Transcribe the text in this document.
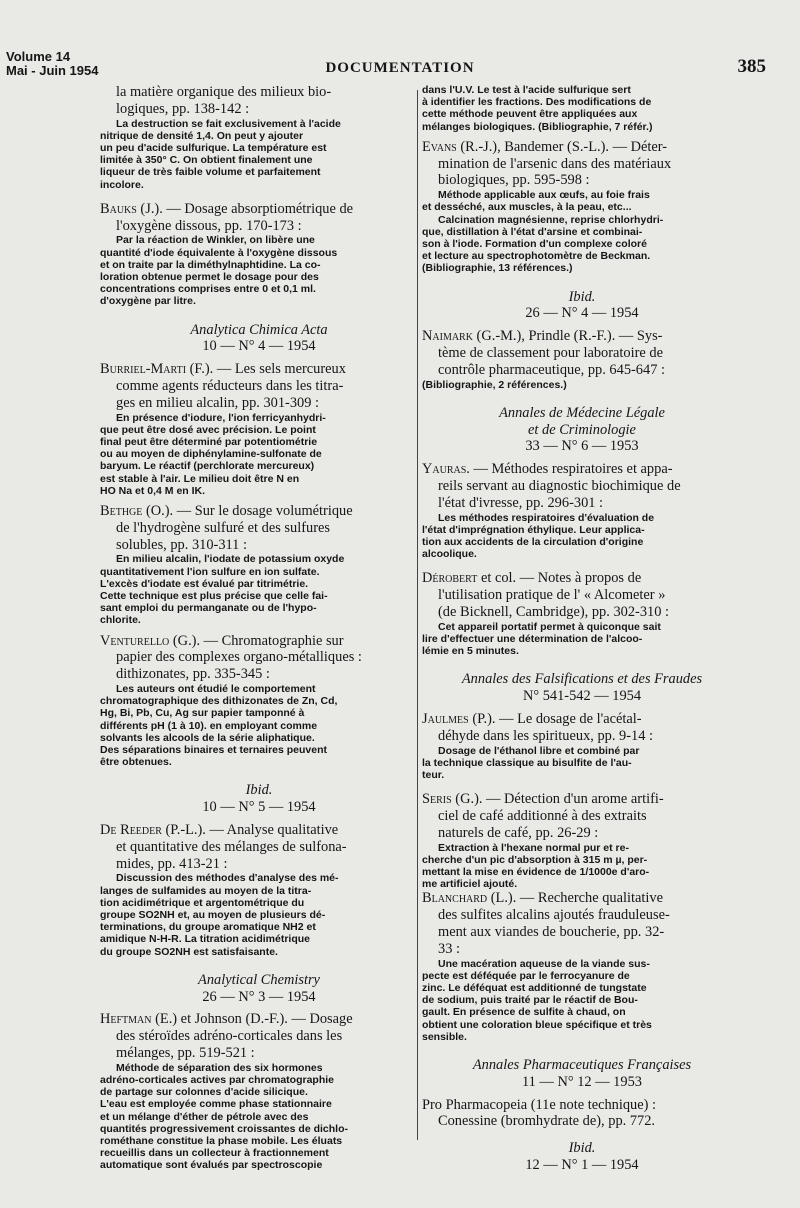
Volume 14
Mai - Juin 1954	DOCUMENTATION	385

la matière organique des milieux bio-

logiques, pp. 138-142 :

La destruction se fait exclusivement à l'acide

nitrique de densité 1,4. On peut y ajouter

un peu d'acide sulfurique. La température est

limitée à 350° C. On obtient finalement une

liqueur de très faible volume et parfaitement

incolore.

Bauks (J.). — Dosage absorptiométrique de

l'oxygène dissous, pp. 170-173 :

Par la réaction de Winkler, on libère une

quantité d'iode équivalente à l'oxygène dissous

et on traite par la diméthylnaphtidine. La co-

loration obtenue permet le dosage pour des

concentrations comprises entre 0 et 0,1 ml.

d'oxygène par litre.

Analytica Chimica Acta

10 — N° 4 — 1954

Burriel-Marti (F.). — Les sels mercureux

comme agents réducteurs dans les titra-

ges en milieu alcalin, pp. 301-309 :

En présence d'iodure, l'ion ferricyanhydri-

que peut être dosé avec précision. Le point

final peut être déterminé par potentiométrie

ou au moyen de diphénylamine-sulfonate de

baryum. Le réactif (perchlorate mercureux)

est stable à l'air. Le milieu doit être N en

HO Na et 0,4 M en IK.

Bethge (O.). — Sur le dosage volumétrique

de l'hydrogène sulfuré et des sulfures

solubles, pp. 310-311 :

En milieu alcalin, l'iodate de potassium oxyde

quantitativement l'ion sulfure en ion sulfate.

L'excès d'iodate est évalué par titrimétrie.

Cette technique est plus précise que celle fai-

sant emploi du permanganate ou de l'hypo-

chlorite.

Venturello (G.). — Chromatographie sur

papier des complexes organo-métalliques :

dithizonates, pp. 335-345 :

Les auteurs ont étudié le comportement

chromatographique des dithizonates de Zn, Cd,

Hg, Bi, Pb, Cu, Ag sur papier tamponné à

différents pH (1 à 10). en employant comme

solvants les alcools de la série aliphatique.

Des séparations binaires et ternaires peuvent

être obtenues.

Ibid.

10 — N° 5 — 1954

De Reeder (P.-L.). — Analyse qualitative

et quantitative des mélanges de sulfona-

mides, pp. 413-21 :

Discussion des méthodes d'analyse des mé-

langes de sulfamides au moyen de la titra-

tion acidimétrique et argentométrique du

groupe SO2NH et, au moyen de plusieurs dé-

terminations, du groupe aromatique NH2 et

amidique N-H-R. La titration acidimétrique

du groupe SO2NH est satisfaisante.

Analytical Chemistry

26 — N° 3 — 1954

Heftman (E.) et Johnson (D.-F.). — Dosage

des stéroïdes adréno-corticales dans les

mélanges, pp. 519-521 :

Méthode de séparation des six hormones

adréno-corticales actives par chromatographie

de partage sur colonnes d'acide silicique.

L'eau est employée comme phase stationnaire

et un mélange d'éther de pétrole avec des

quantités progressivement croissantes de dichlo-

rométhane constitue la phase mobile. Les éluats

recueillis dans un collecteur à fractionnement

automatique sont évalués par spectroscopie

dans l'U.V. Le test à l'acide sulfurique sert

à identifier les fractions. Des modifications de

cette méthode peuvent être appliquées aux

mélanges biologiques. (Bibliographie, 7 référ.)

Evans (R.-J.), Bandemer (S.-L.). — Déter-

mination de l'arsenic dans des matériaux

biologiques, pp. 595-598 :

Méthode applicable aux œufs, au foie frais

et desséché, aux muscles, à la peau, etc...

Calcination magnésienne, reprise chlorhydri-

que, distillation à l'état d'arsine et combinai-

son à l'iode. Formation d'un complexe coloré

et lecture au spectrophotomètre de Beckman.

(Bibliographie, 13 références.)

Ibid.

26 — N° 4 — 1954

Naimark (G.-M.), Prindle (R.-F.). — Sys-

tème de classement pour laboratoire de

contrôle pharmaceutique, pp. 645-647 :

(Bibliographie, 2 références.)

Annales de Médecine Légale

et de Criminologie

33 — N° 6 — 1953

Yauras. — Méthodes respiratoires et appa-

reils servant au diagnostic biochimique de

l'état d'ivresse, pp. 296-301 :

Les méthodes respiratoires d'évaluation de

l'état d'imprégnation éthylique. Leur applica-

tion aux accidents de la circulation d'origine

alcoolique.

Dérobert et col. — Notes à propos de

l'utilisation pratique de l' « Alcometer »

(de Bicknell, Cambridge), pp. 302-310 :

Cet appareil portatif permet à quiconque sait

lire d'effectuer une détermination de l'alcoo-

lémie en 5 minutes.

Annales des Falsifications et des Fraudes

N° 541-542 — 1954

Jaulmes (P.). — Le dosage de l'acétal-

déhyde dans les spiritueux, pp. 9-14 :

Dosage de l'éthanol libre et combiné par

la technique classique au bisulfite de l'au-

teur.

Seris (G.). — Détection d'un arome artifi-

ciel de café additionné à des extraits

naturels de café, pp. 26-29 :

Extraction à l'hexane normal pur et re-

cherche d'un pic d'absorption à 315 m µ, per-

mettant la mise en évidence de 1/1000e d'aro-

me artificiel ajouté.

Blanchard (L.). — Recherche qualitative

des sulfites alcalins ajoutés frauduleuse-

ment aux viandes de boucherie, pp. 32-

33 :

Une macération aqueuse de la viande sus-

pecte est déféquée par le ferrocyanure de

zinc. Le déféquat est additionné de tungstate

de sodium, puis traité par le réactif de Bou-

gault. En présence de sulfite à chaud, on

obtient une coloration bleue spécifique et très

sensible.

Annales Pharmaceutiques Françaises

11 — N° 12 — 1953

Pro Pharmacopeia (11e note technique) :

Conessine (bromhydrate de), pp. 772.

Ibid.

12 — N° 1 — 1954
